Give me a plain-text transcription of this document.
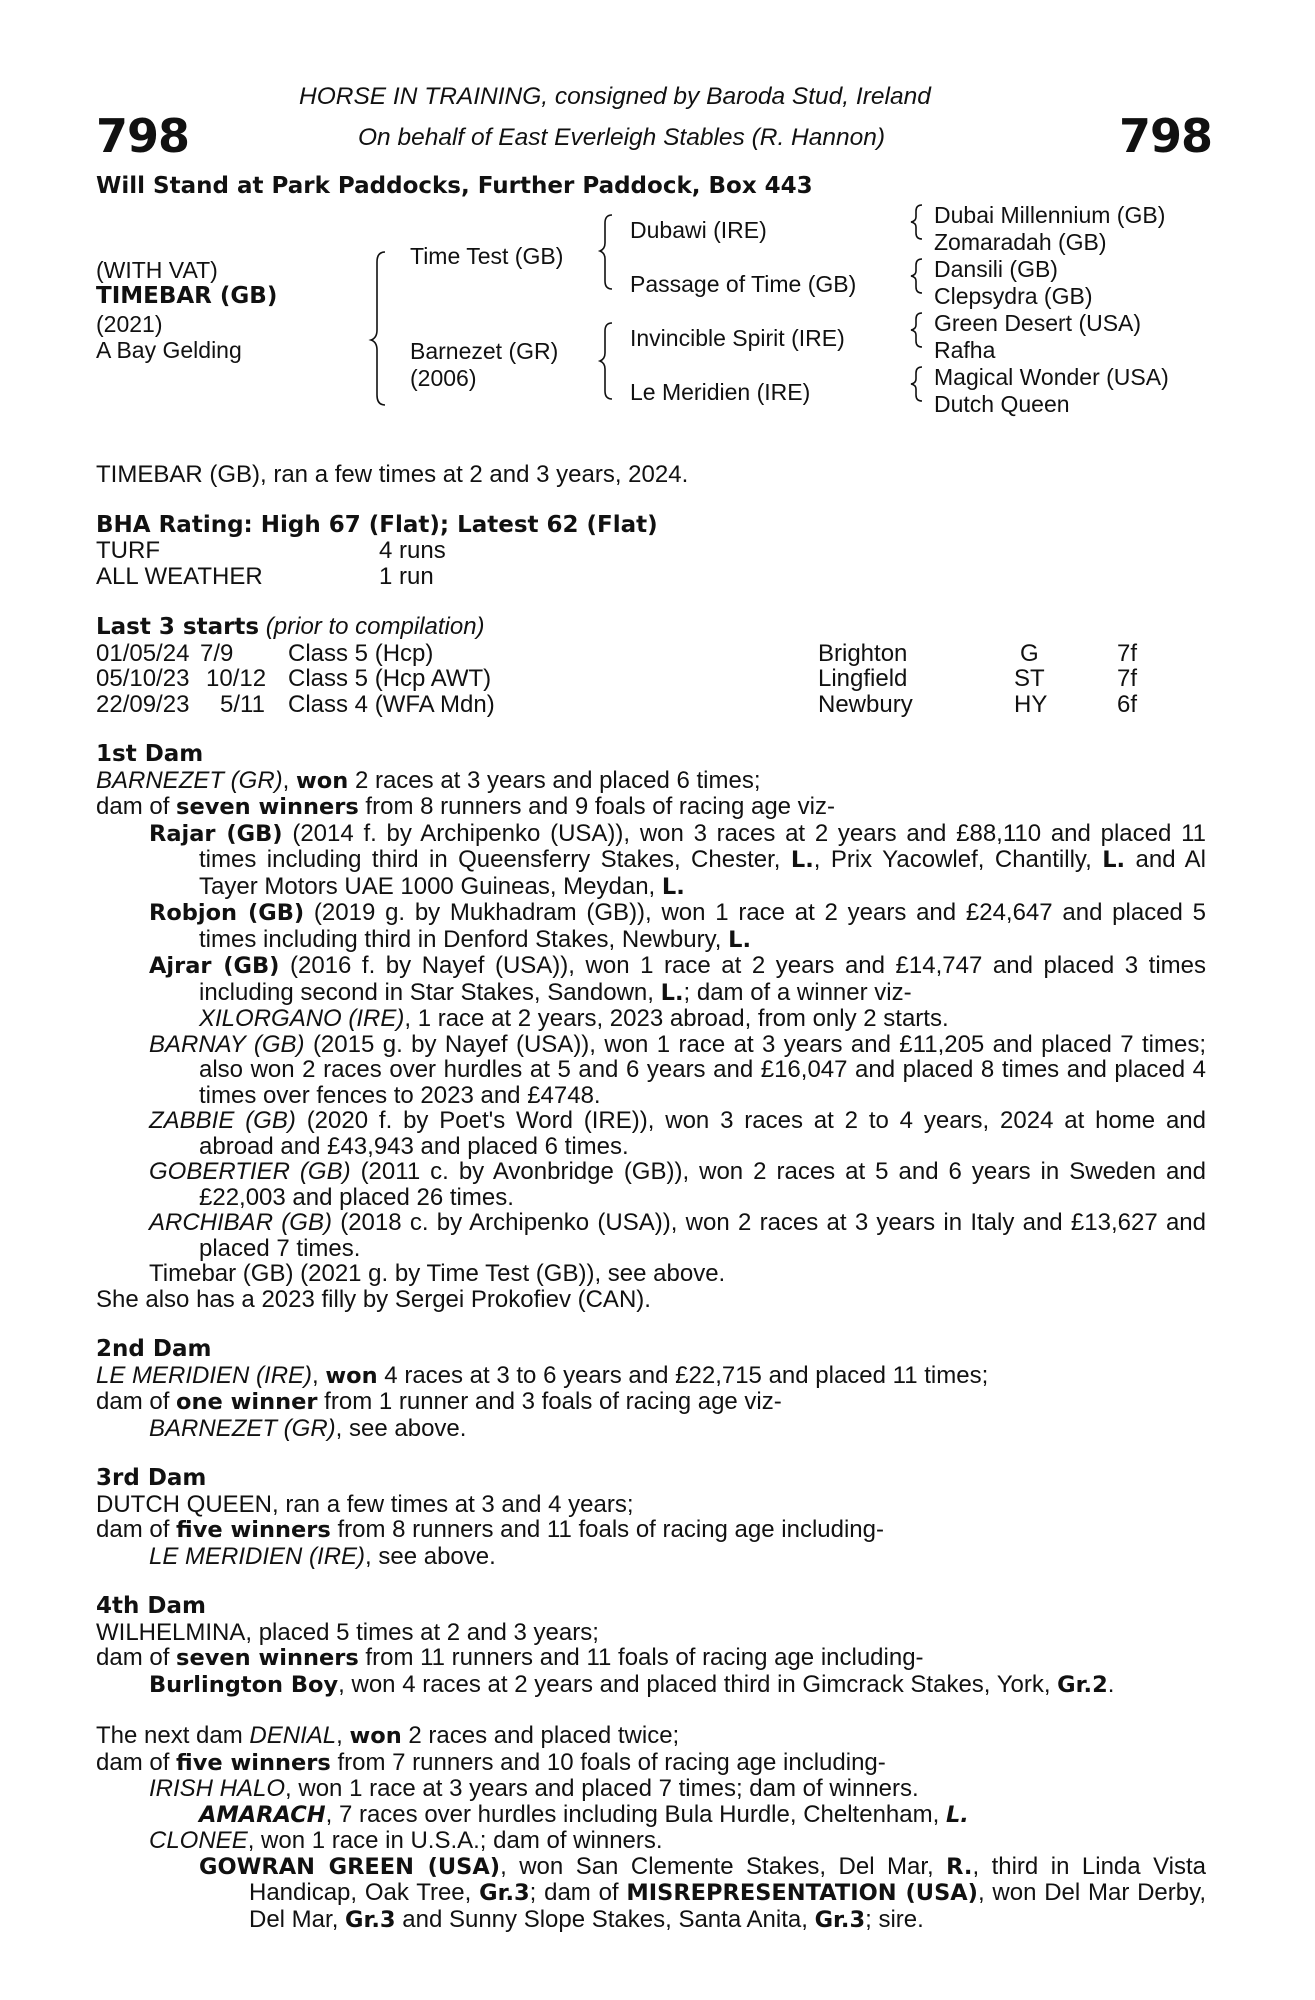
798	798
HORSE IN TRAINING, consigned by Baroda Stud, Ireland
On behalf of East Everleigh Stables (R. Hannon)
Will Stand at Park Paddocks, Further Paddock, Box 443
(WITH VAT)
TIMEBAR (GB)
(2021)
A Bay Gelding
Time Test (GB)
Barnezet (GR)
(2006)
Dubawi (IRE)
Passage of Time (GB)
Invincible Spirit (IRE)
Le Meridien (IRE)
Dubai Millennium (GB)
Zomaradah (GB)
Dansili (GB)
Clepsydra (GB)
Green Desert (USA)
Rafha
Magical Wonder (USA)
Dutch Queen

TIMEBAR (GB), ran a few times at 2 and 3 years, 2024.

BHA Rating: High 67 (Flat); Latest 62 (Flat)

TURF	4 runs
ALL WEATHER	1 run

Last 3 starts (prior to compilation)

01/05/24 7/9 Class 5 (Hcp)	Brighton	G	7f
05/10/23 10/12 Class 5 (Hcp AWT)	Lingfield	ST	7f
22/09/23 5/11 Class 4 (WFA Mdn)	Newbury	HY	6f

1st Dam

BARNEZET (GR), won 2 races at 3 years and placed 6 times;

dam of seven winners from 8 runners and 9 foals of racing age viz-

Rajar (GB) (2014 f. by Archipenko (USA)), won 3 races at 2 years and £88,110 and placed 11 times including third in Queensferry Stakes, Chester, L., Prix Yacowlef, Chantilly, L. and Al Tayer Motors UAE 1000 Guineas, Meydan, L.

Robjon (GB) (2019 g. by Mukhadram (GB)), won 1 race at 2 years and £24,647 and placed 5 times including third in Denford Stakes, Newbury, L.

Ajrar (GB) (2016 f. by Nayef (USA)), won 1 race at 2 years and £14,747 and placed 3 times including second in Star Stakes, Sandown, L.; dam of a winner viz-

XILORGANO (IRE), 1 race at 2 years, 2023 abroad, from only 2 starts.

BARNAY (GB) (2015 g. by Nayef (USA)), won 1 race at 3 years and £11,205 and placed 7 times; also won 2 races over hurdles at 5 and 6 years and £16,047 and placed 8 times and placed 4 times over fences to 2023 and £4748.

ZABBIE (GB) (2020 f. by Poet's Word (IRE)), won 3 races at 2 to 4 years, 2024 at home and abroad and £43,943 and placed 6 times.

GOBERTIER (GB) (2011 c. by Avonbridge (GB)), won 2 races at 5 and 6 years in Sweden and £22,003 and placed 26 times.

ARCHIBAR (GB) (2018 c. by Archipenko (USA)), won 2 races at 3 years in Italy and £13,627 and placed 7 times.

Timebar (GB) (2021 g. by Time Test (GB)), see above.

She also has a 2023 filly by Sergei Prokofiev (CAN).

2nd Dam

LE MERIDIEN (IRE), won 4 races at 3 to 6 years and £22,715 and placed 11 times;

dam of one winner from 1 runner and 3 foals of racing age viz-

BARNEZET (GR), see above.

3rd Dam

DUTCH QUEEN, ran a few times at 3 and 4 years;

dam of five winners from 8 runners and 11 foals of racing age including-

LE MERIDIEN (IRE), see above.

4th Dam

WILHELMINA, placed 5 times at 2 and 3 years;

dam of seven winners from 11 runners and 11 foals of racing age including-

Burlington Boy, won 4 races at 2 years and placed third in Gimcrack Stakes, York, Gr.2.

The next dam DENIAL, won 2 races and placed twice;

dam of five winners from 7 runners and 10 foals of racing age including-

IRISH HALO, won 1 race at 3 years and placed 7 times; dam of winners.

AMARACH, 7 races over hurdles including Bula Hurdle, Cheltenham, L.

CLONEE, won 1 race in U.S.A.; dam of winners.

GOWRAN GREEN (USA), won San Clemente Stakes, Del Mar, R., third in Linda Vista Handicap, Oak Tree, Gr.3; dam of MISREPRESENTATION (USA), won Del Mar Derby, Del Mar, Gr.3 and Sunny Slope Stakes, Santa Anita, Gr.3; sire.
